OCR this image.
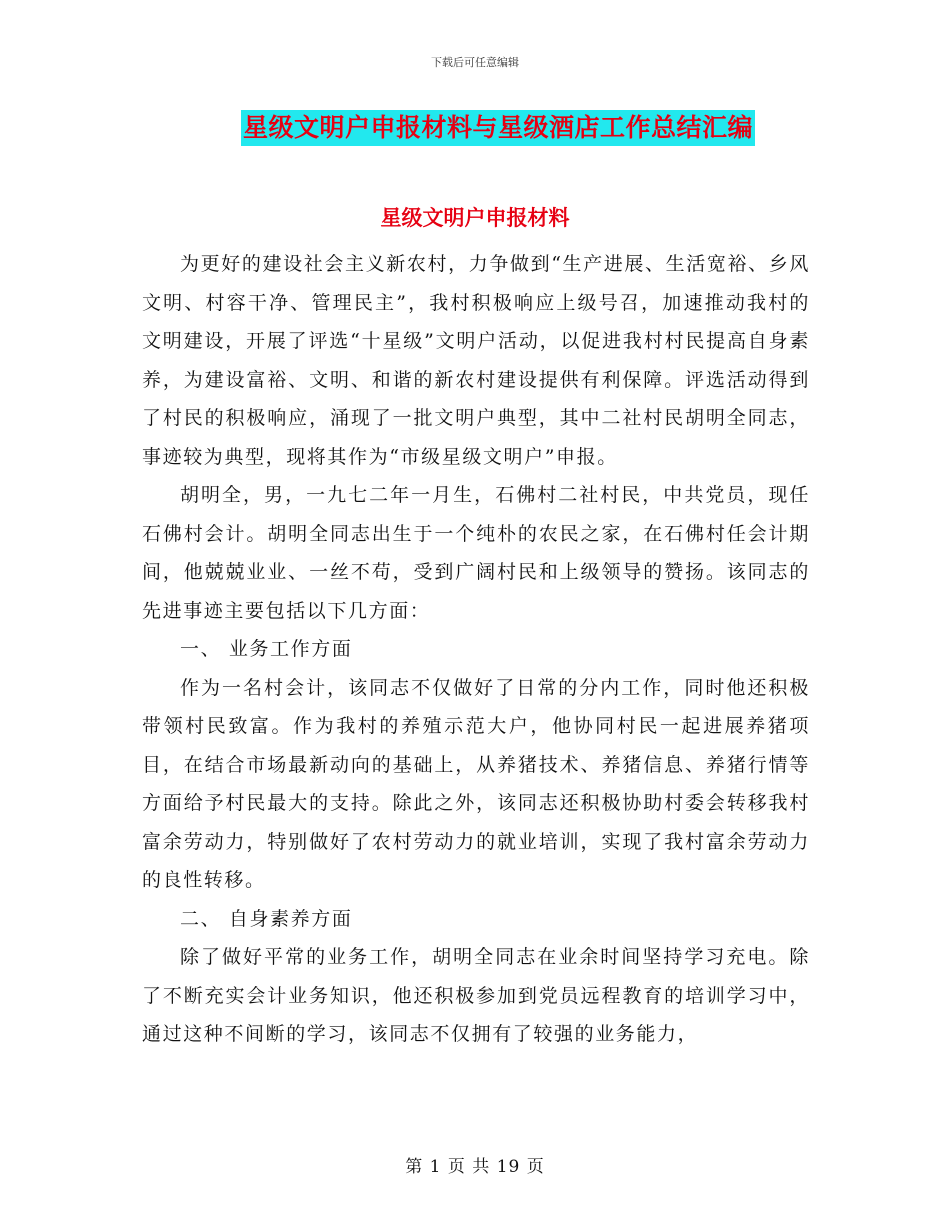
下载后可任意编辑
星级文明户申报材料与星级酒店工作总结汇编
星级文明户申报材料

为更好的建设社会主义新农村，力争做到“生产进展、生活宽裕、乡风文明、村容干净、管理民主”，我村积极响应上级号召，加速推动我村的文明建设，开展了评选“十星级”文明户活动，以促进我村村民提高自身素养，为建设富裕、文明、和谐的新农村建设提供有利保障。评选活动得到了村民的积极响应，涌现了一批文明户典型，其中二社村民胡明全同志，事迹较为典型，现将其作为“市级星级文明户”申报。

胡明全，男，一九七二年一月生，石佛村二社村民，中共党员，现任石佛村会计。胡明全同志出生于一个纯朴的农民之家，在石佛村任会计期间，他兢兢业业、一丝不苟，受到广阔村民和上级领导的赞扬。该同志的先进事迹主要包括以下几方面：

一、 业务工作方面

作为一名村会计，该同志不仅做好了日常的分内工作，同时他还积极带领村民致富。作为我村的养殖示范大户，他协同村民一起进展养猪项目，在结合市场最新动向的基础上，从养猪技术、养猪信息、养猪行情等方面给予村民最大的支持。除此之外，该同志还积极协助村委会转移我村富余劳动力，特别做好了农村劳动力的就业培训，实现了我村富余劳动力的良性转移。

二、 自身素养方面

除了做好平常的业务工作，胡明全同志在业余时间坚持学习充电。除了不断充实会计业务知识，他还积极参加到党员远程教育的培训学习中，通过这种不间断的学习，该同志不仅拥有了较强的业务能力，

第 1 页 共 19 页
